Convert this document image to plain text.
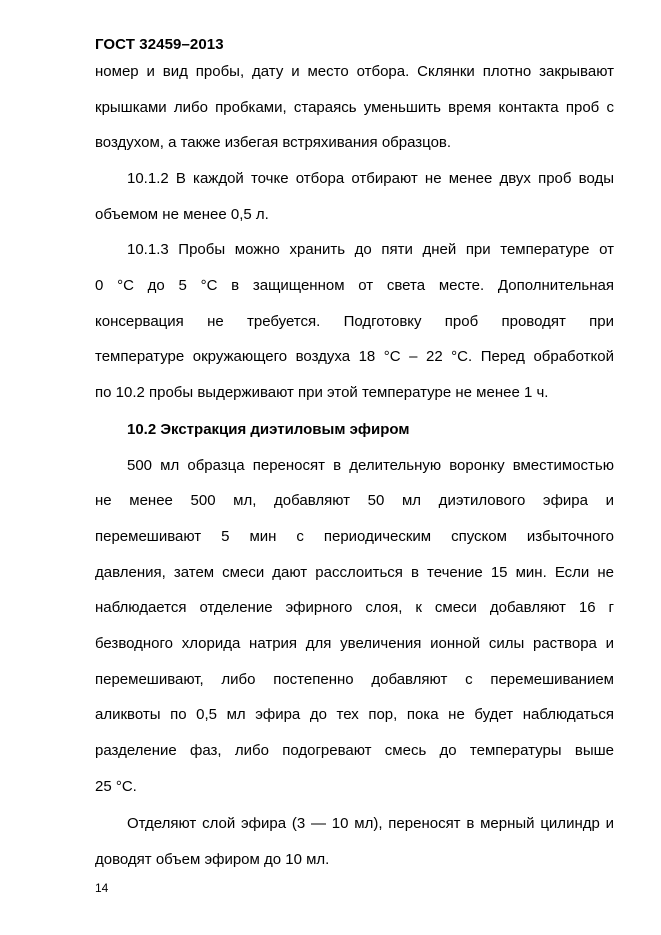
ГОСТ 32459–2013
номер и вид пробы, дату и место отбора. Склянки плотно закрывают
крышками либо пробками, стараясь уменьшить время контакта проб с
воздухом, а также избегая встряхивания образцов.
10.1.2 В каждой точке отбора отбирают не менее двух проб воды
объемом не менее 0,5 л.
10.1.3 Пробы можно хранить до пяти дней при температуре от
0 °С до 5 °С в защищенном от света месте. Дополнительная
консервация не требуется. Подготовку проб проводят при
температуре окружающего воздуха 18 °С – 22 °С. Перед обработкой
по 10.2 пробы выдерживают при этой температуре не менее 1 ч.
10.2 Экстракция диэтиловым эфиром
500 мл образца переносят в делительную воронку вместимостью
не менее 500 мл, добавляют 50 мл диэтилового эфира и
перемешивают 5 мин с периодическим спуском избыточного
давления, затем смеси дают расслоиться в течение 15 мин. Если не
наблюдается отделение эфирного слоя, к смеси добавляют 16 г
безводного хлорида натрия для увеличения ионной силы раствора и
перемешивают, либо постепенно добавляют с перемешиванием
аликвоты по 0,5 мл эфира до тех пор, пока не будет наблюдаться
разделение фаз, либо подогревают смесь до температуры выше
25 °С.
Отделяют слой эфира (3 — 10 мл), переносят в мерный цилиндр и
доводят объем эфиром до 10 мл.
14
